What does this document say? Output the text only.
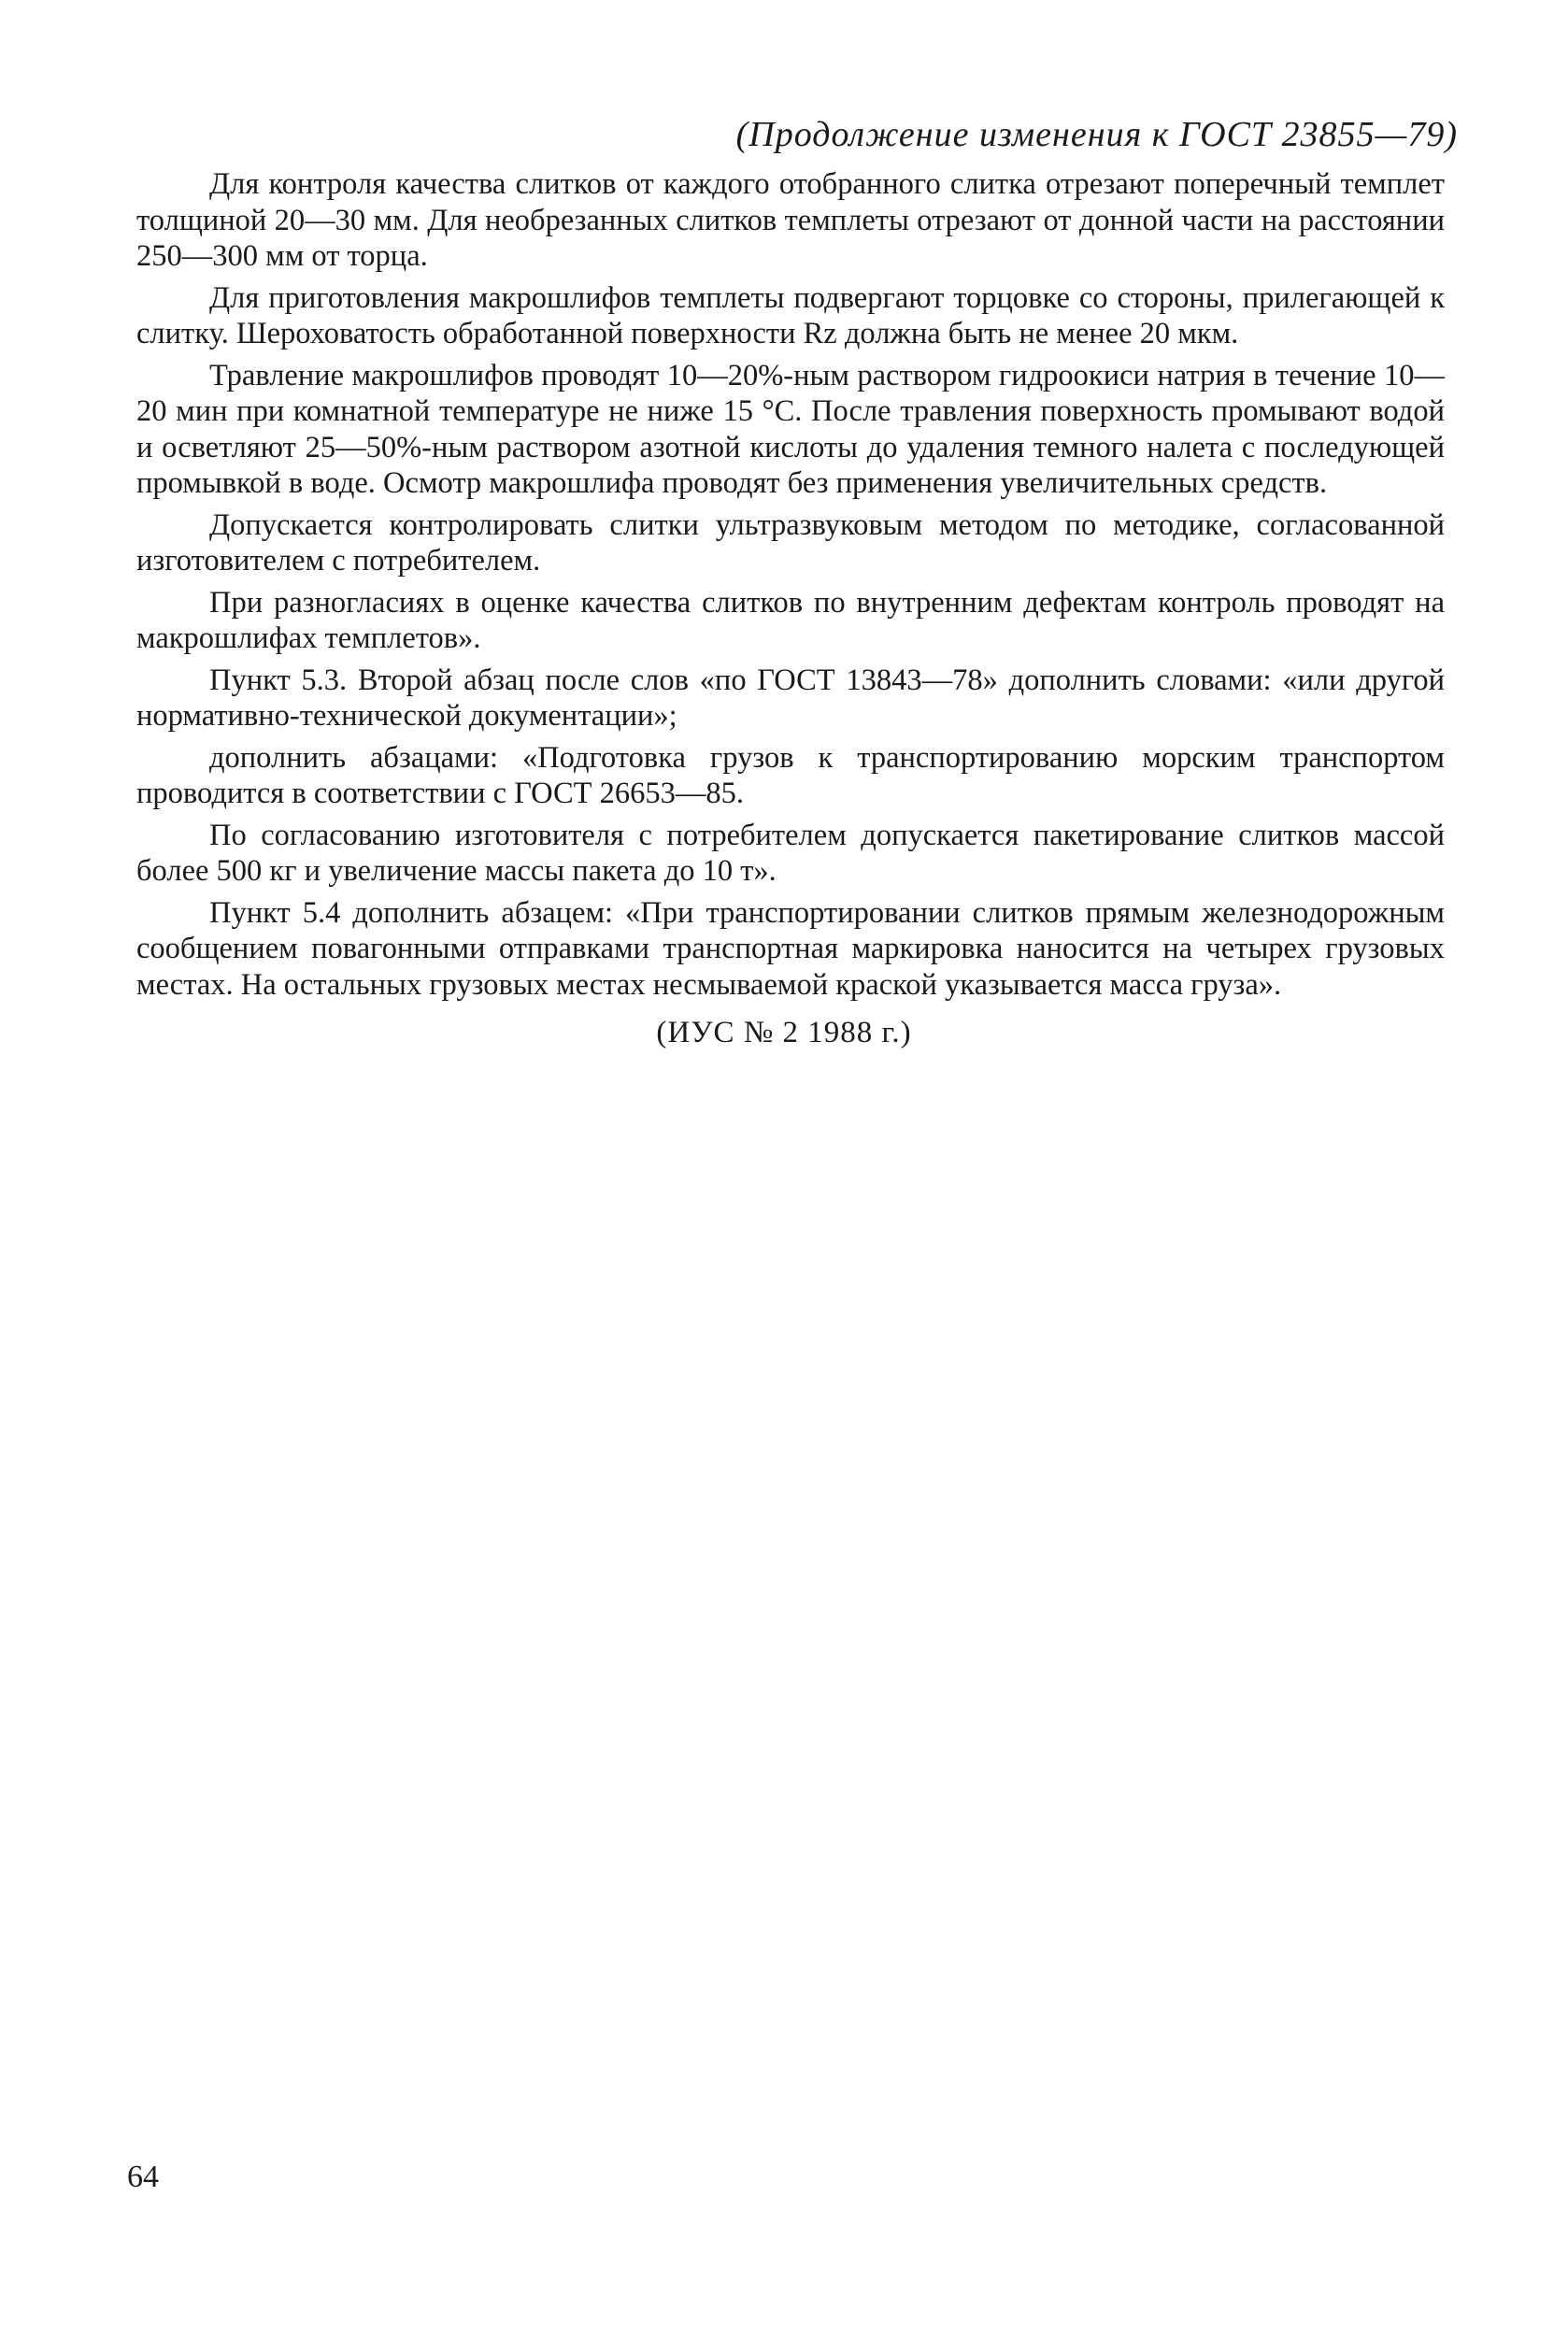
(Продолжение изменения к ГОСТ 23855—79)

Для контроля качества слитков от каждого отобранного слитка отрезают поперечный темплет толщиной 20—30 мм. Для необрезанных слитков темплеты отрезают от донной части на расстоянии 250—300 мм от торца.

Для приготовления макрошлифов темплеты подвергают торцовке со стороны, прилегающей к слитку. Шероховатость обработанной поверхности Rz должна быть не менее 20 мкм.

Травление макрошлифов проводят 10—20%-ным раствором гидроокиси натрия в течение 10—20 мин при комнатной температуре не ниже 15 °С. После травления поверхность промывают водой и осветляют 25—50%-ным раствором азотной кислоты до удаления темного налета с последующей промывкой в воде. Осмотр макрошлифа проводят без применения увеличительных средств.

Допускается контролировать слитки ультразвуковым методом по методике, согласованной изготовителем с потребителем.

При разногласиях в оценке качества слитков по внутренним дефектам контроль проводят на макрошлифах темплетов».

Пункт 5.3. Второй абзац после слов «по ГОСТ 13843—78» дополнить словами: «или другой нормативно-технической документации»;

дополнить абзацами: «Подготовка грузов к транспортированию морским транспортом проводится в соответствии с ГОСТ 26653—85.

По согласованию изготовителя с потребителем допускается пакетирование слитков массой более 500 кг и увеличение массы пакета до 10 т».

Пункт 5.4 дополнить абзацем: «При транспортировании слитков прямым железнодорожным сообщением повагонными отправками транспортная маркировка наносится на четырех грузовых местах. На остальных грузовых местах несмываемой краской указывается масса груза».

(ИУС № 2 1988 г.)
64
